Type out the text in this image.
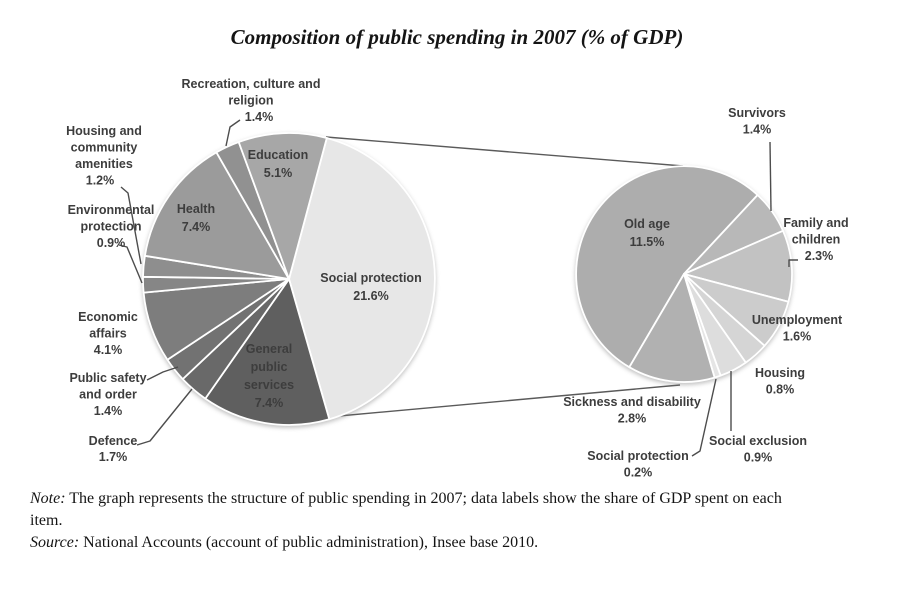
Composition of public spending in 2007 (% of GDP)
Social protection 21.6%
General public services 7.4%
Defence 1.7%
Public safety and order 1.4%
Economic affairs 4.1%
Environmental protection 0.9%
Housing and community amenities 1.2%
Health 7.4%
Recreation, culture and religion 1.4%
Education 5.1%
Old age 11.5%
Survivors 1.4%
Family and children 2.3%
Unemployment 1.6%
Housing 0.8%
Social exclusion 0.9%
Social protection 0.2%
Sickness and disability 2.8%

Note: The graph represents the structure of public spending in 2007; data labels show the share of GDP spent on each item.

Source: National Accounts (account of public administration), Insee base 2010.
